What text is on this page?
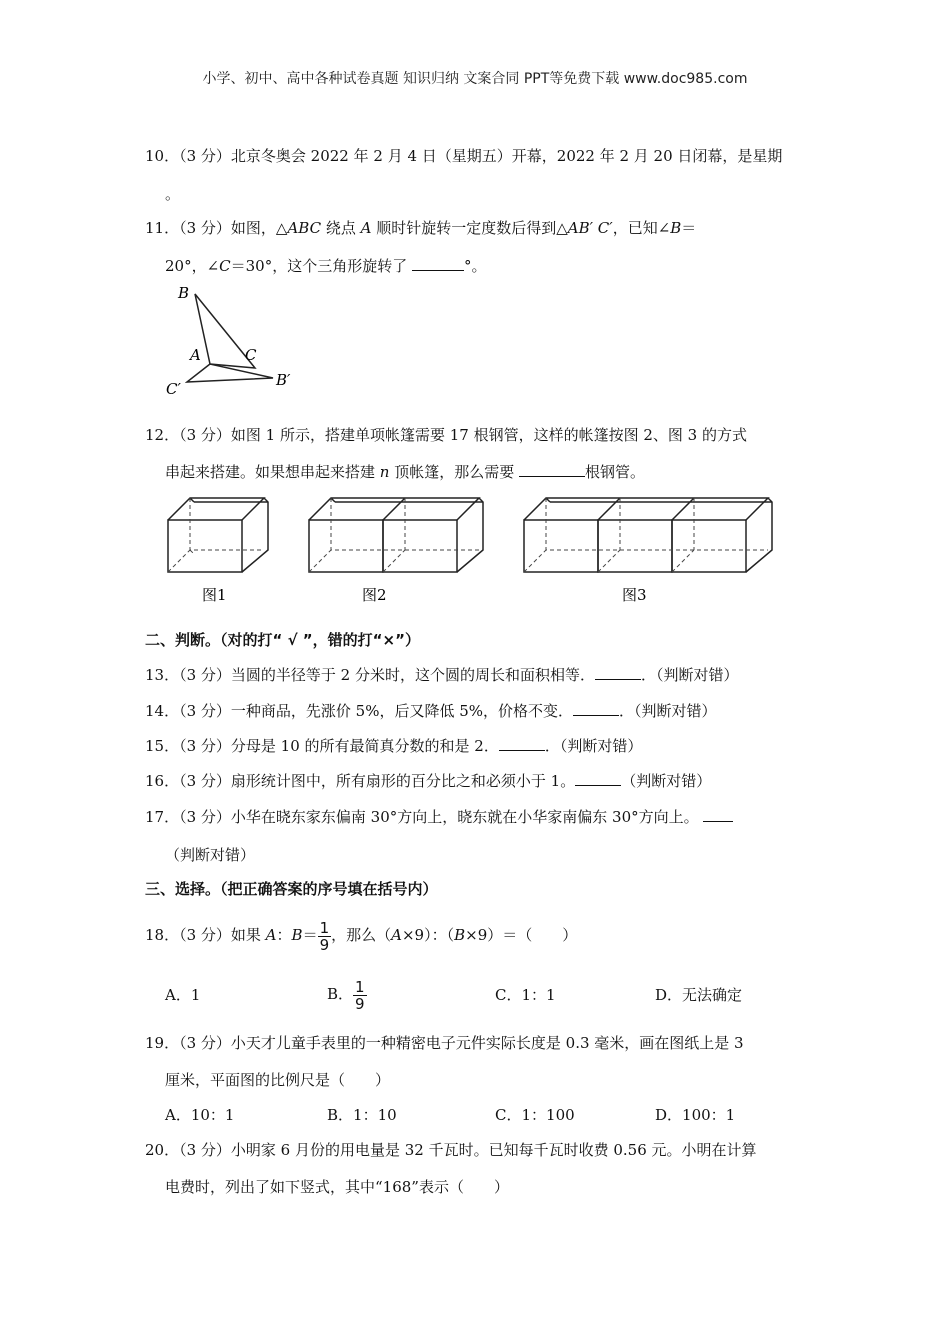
小学、初中、高中各种试卷真题 知识归纳 文案合同 PPT等免费下载 www.doc985.com
10．（3 分）北京冬奥会 2022 年 2 月 4 日（星期五）开幕，2022 年 2 月 20 日闭幕，是星期
。
11．（3 分）如图，△ABC 绕点 A 顺时针旋转一定度数后得到△AB′ C′，已知∠B＝
20°，∠C＝30°，这个三角形旋转了	°。
B
A	C
C′	B′
12．（3 分）如图 1 所示，搭建单项帐篷需要 17 根钢管，这样的帐篷按图 2、图 3 的方式
串起来搭建。如果想串起来搭建 n 顶帐篷，那么需要	根钢管。
图1	图2	图3
二、判断。（对的打“ √ ”，错的打“×”）
13．（3 分）当圆的半径等于 2 分米时，这个圆的周长和面积相等．	．（判断对错）
14．（3 分）一种商品，先涨价 5%，后又降低 5%，价格不变．	．（判断对错）
15．（3 分）分母是 10 的所有最简真分数的和是 2．	．（判断对错）
16．（3 分）扇形统计图中，所有扇形的百分比之和必须小于 1。	（判断对错）
17．（3 分）小华在晓东家东偏南 30°方向上，晓东就在小华家南偏东 30°方向上。
（判断对错）
三、选择。（把正确答案的序号填在括号内）
18．（3 分）如果 A：$B= \frac{1}{9}$ ，那么（A×9）：（B×9）＝（　　）
A．1	B． $\frac{1}{9}$	C．1：1	D．无法确定
19．（3 分）小天才儿童手表里的一种精密电子元件实际长度是 0.3 毫米，画在图纸上是 3
厘米，平面图的比例尺是（　　）
A．10：1	B．1：10	C．1：100	D．100：1
20．（3 分）小明家 6 月份的用电量是 32 千瓦时。已知每千瓦时收费 0.56 元。小明在计算
电费时，列出了如下竖式，其中“168”表示（　　）
